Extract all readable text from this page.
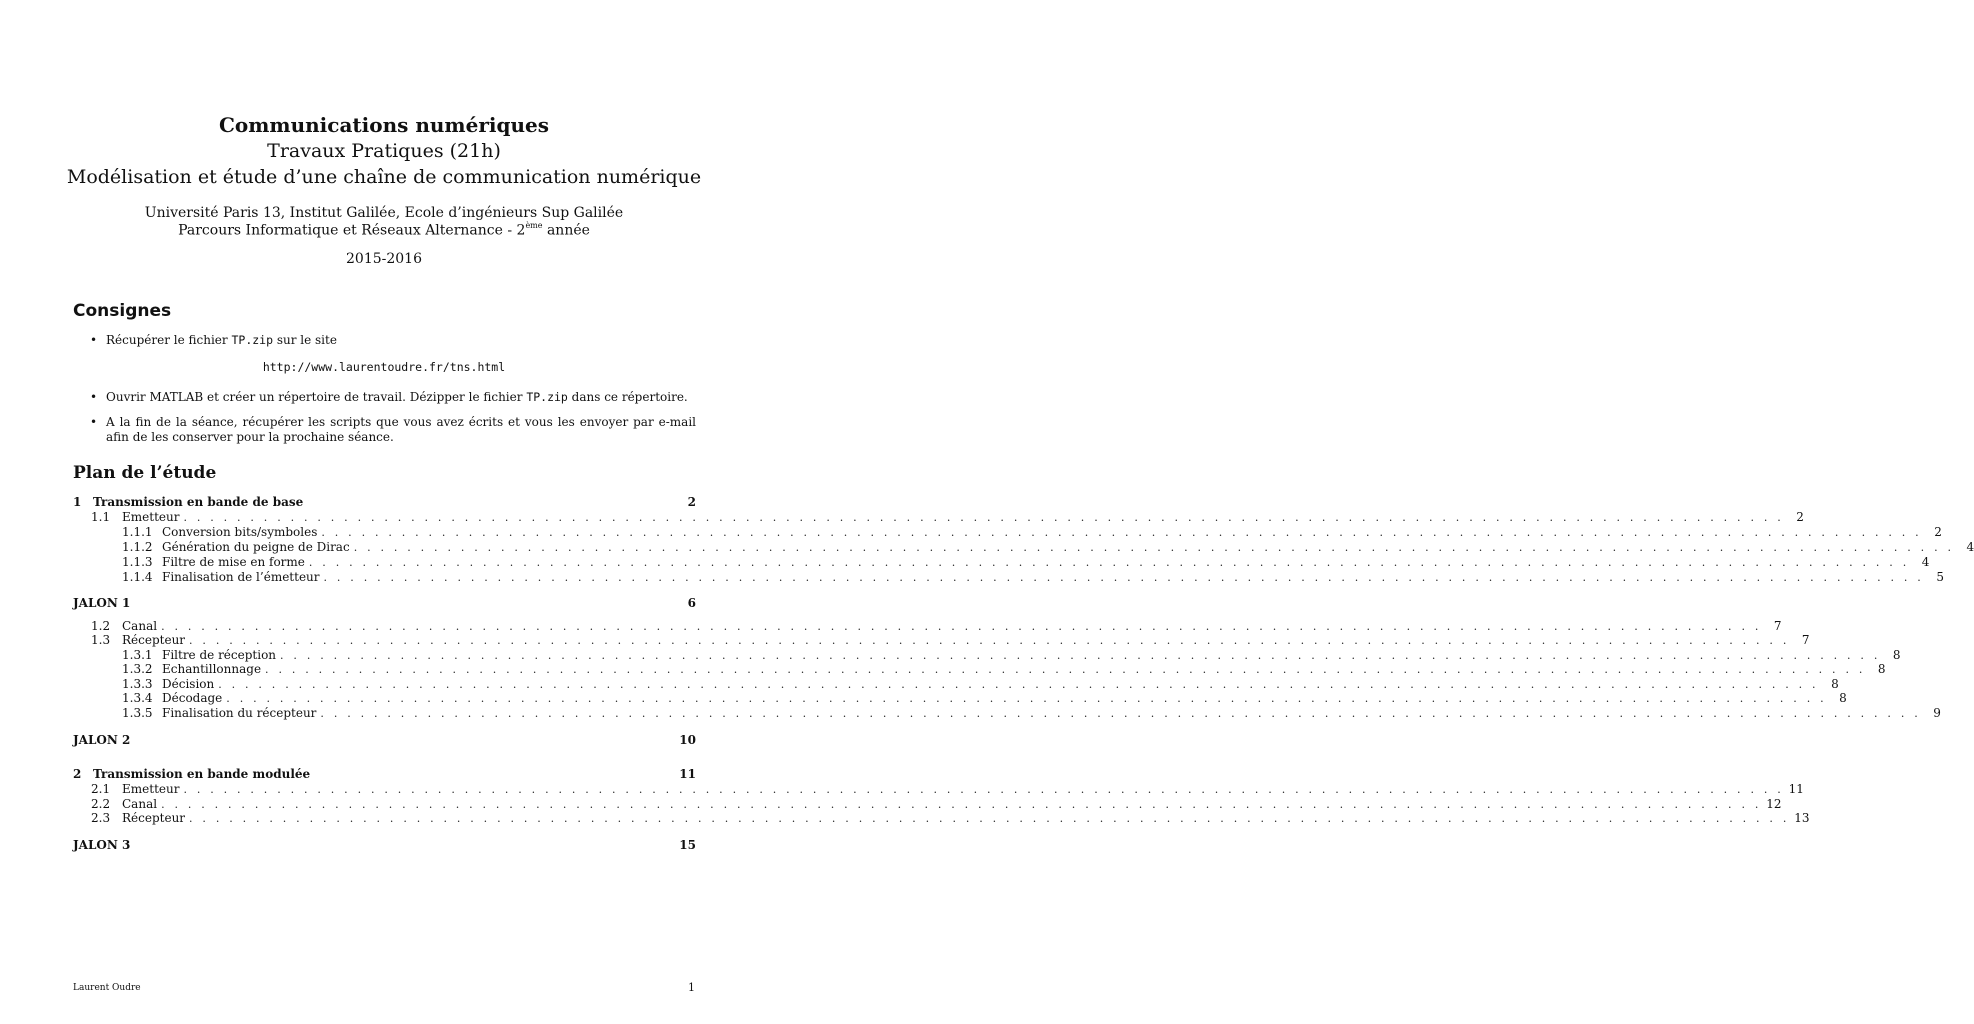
Communications numériques
Travaux Pratiques (21h)
Modélisation et étude d’une chaîne de communication numérique
Université Paris 13, Institut Galilée, Ecole d’ingénieurs Sup Galilée
Parcours Informatique et Réseaux Alternance - 2ème année
2015-2016
Consignes
• Récupérer le fichier TP.zip sur le site
http://www.laurentoudre.fr/tns.html
• Ouvrir MATLAB et créer un répertoire de travail. Dézipper le fichier TP.zip dans ce répertoire.
• A la fin de la séance, récupérer les scripts que vous avez écrits et vous les envoyer par e-mail afin de les conserver pour la prochaine séance.
Plan de l’étude
1 Transmission en bande de base	2
1.1 Emetteur . . . . . . . . . . . . . . . . . . . . . . . . . . . . . . . . . . . . . . . . . . . . . . . . . . . . . . . . . . . . . . . . . . . . . . . . . . . . . . . . . . . . . . . . . . . . . . . . . . . . . . . . . . . . . . . . . . . . . . . .	2
1.1.1 Conversion bits/symboles . . . . . . . . . . . . . . . . . . . . . . . . . . . . . . . . . . . . . . . . . . . . . . . . . . . . . . . . . . . . . . . . . . . . . . . . . . . . . . . . . . . . . . . . . . . . . . . . . . . . . . . . . . . . . . . . . . . . . . . .	2
1.1.2 Génération du peigne de Dirac . . . . . . . . . . . . . . . . . . . . . . . . . . . . . . . . . . . . . . . . . . . . . . . . . . . . . . . . . . . . . . . . . . . . . . . . . . . . . . . . . . . . . . . . . . . . . . . . . . . . . . . . . . . . . . . . . . . . . . . .	4
1.1.3 Filtre de mise en forme . . . . . . . . . . . . . . . . . . . . . . . . . . . . . . . . . . . . . . . . . . . . . . . . . . . . . . . . . . . . . . . . . . . . . . . . . . . . . . . . . . . . . . . . . . . . . . . . . . . . . . . . . . . . . . . . . . . . . . . .	4
1.1.4 Finalisation de l’émetteur . . . . . . . . . . . . . . . . . . . . . . . . . . . . . . . . . . . . . . . . . . . . . . . . . . . . . . . . . . . . . . . . . . . . . . . . . . . . . . . . . . . . . . . . . . . . . . . . . . . . . . . . . . . . . . . . . . . . . . . .	5
JALON 1	6
1.2 Canal . . . . . . . . . . . . . . . . . . . . . . . . . . . . . . . . . . . . . . . . . . . . . . . . . . . . . . . . . . . . . . . . . . . . . . . . . . . . . . . . . . . . . . . . . . . . . . . . . . . . . . . . . . . . . . . . . . . . . . . .	7
1.3 Récepteur . . . . . . . . . . . . . . . . . . . . . . . . . . . . . . . . . . . . . . . . . . . . . . . . . . . . . . . . . . . . . . . . . . . . . . . . . . . . . . . . . . . . . . . . . . . . . . . . . . . . . . . . . . . . . . . . . . . . . . . .	7
1.3.1 Filtre de réception . . . . . . . . . . . . . . . . . . . . . . . . . . . . . . . . . . . . . . . . . . . . . . . . . . . . . . . . . . . . . . . . . . . . . . . . . . . . . . . . . . . . . . . . . . . . . . . . . . . . . . . . . . . . . . . . . . . . . . . .	8
1.3.2 Echantillonnage . . . . . . . . . . . . . . . . . . . . . . . . . . . . . . . . . . . . . . . . . . . . . . . . . . . . . . . . . . . . . . . . . . . . . . . . . . . . . . . . . . . . . . . . . . . . . . . . . . . . . . . . . . . . . . . . . . . . . . . .	8
1.3.3 Décision . . . . . . . . . . . . . . . . . . . . . . . . . . . . . . . . . . . . . . . . . . . . . . . . . . . . . . . . . . . . . . . . . . . . . . . . . . . . . . . . . . . . . . . . . . . . . . . . . . . . . . . . . . . . . . . . . . . . . . . .	8
1.3.4 Décodage . . . . . . . . . . . . . . . . . . . . . . . . . . . . . . . . . . . . . . . . . . . . . . . . . . . . . . . . . . . . . . . . . . . . . . . . . . . . . . . . . . . . . . . . . . . . . . . . . . . . . . . . . . . . . . . . . . . . . . . .	8
1.3.5 Finalisation du récepteur . . . . . . . . . . . . . . . . . . . . . . . . . . . . . . . . . . . . . . . . . . . . . . . . . . . . . . . . . . . . . . . . . . . . . . . . . . . . . . . . . . . . . . . . . . . . . . . . . . . . . . . . . . . . . . . . . . . . . . . .	9
JALON 2	10
2 Transmission en bande modulée	11
2.1 Emetteur . . . . . . . . . . . . . . . . . . . . . . . . . . . . . . . . . . . . . . . . . . . . . . . . . . . . . . . . . . . . . . . . . . . . . . . . . . . . . . . . . . . . . . . . . . . . . . . . . . . . . . . . . . . . . . . . . . . . . . . . 11
2.2 Canal . . . . . . . . . . . . . . . . . . . . . . . . . . . . . . . . . . . . . . . . . . . . . . . . . . . . . . . . . . . . . . . . . . . . . . . . . . . . . . . . . . . . . . . . . . . . . . . . . . . . . . . . . . . . . . . . . . . . . . . . 12
2.3 Récepteur . . . . . . . . . . . . . . . . . . . . . . . . . . . . . . . . . . . . . . . . . . . . . . . . . . . . . . . . . . . . . . . . . . . . . . . . . . . . . . . . . . . . . . . . . . . . . . . . . . . . . . . . . . . . . . . . . . . . . . . . 13
JALON 3	15
Laurent Oudre	1
